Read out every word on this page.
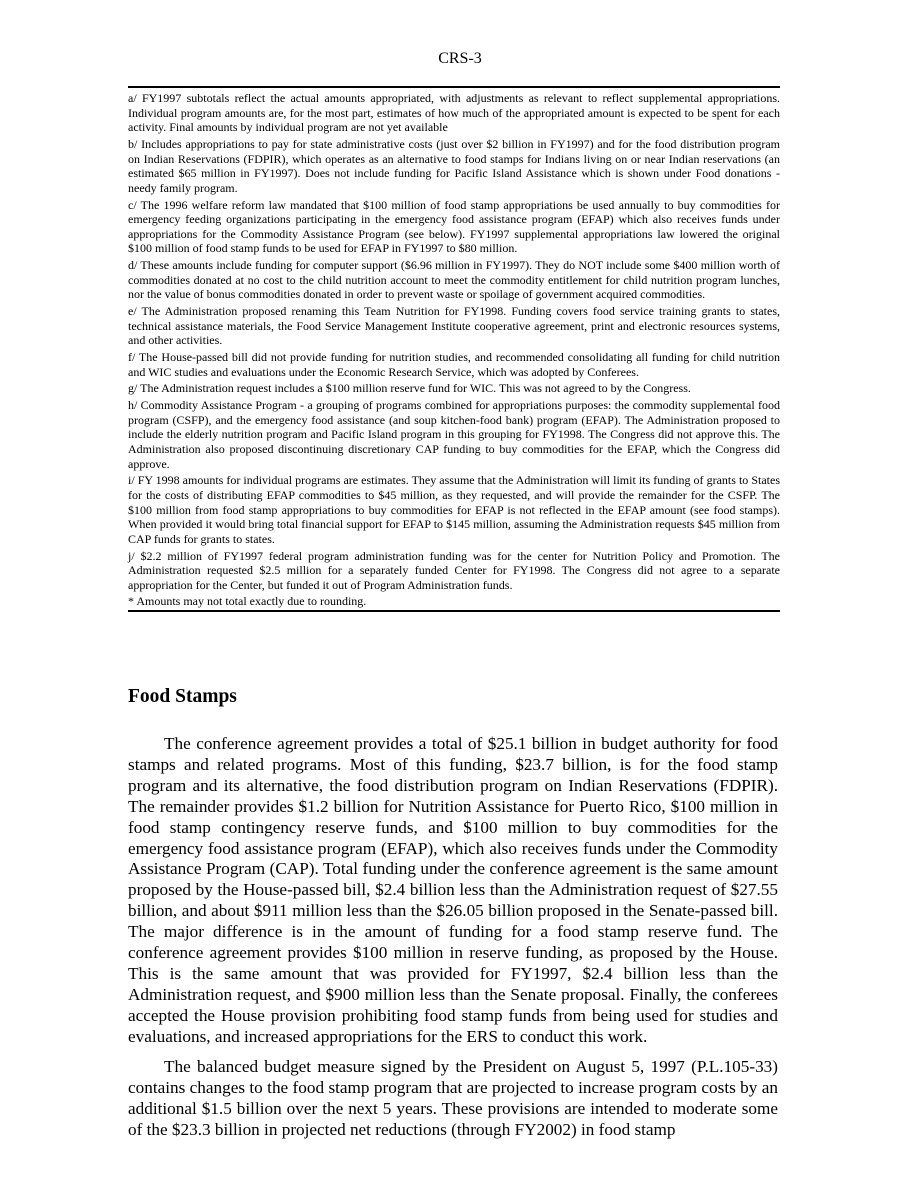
CRS-3

a/ FY1997 subtotals reflect the actual amounts appropriated, with adjustments as relevant to reflect supplemental appropriations. Individual program amounts are, for the most part, estimates of how much of the appropriated amount is expected to be spent for each activity. Final amounts by individual program are not yet available

b/ Includes appropriations to pay for state administrative costs (just over $2 billion in FY1997) and for the food distribution program on Indian Reservations (FDPIR), which operates as an alternative to food stamps for Indians living on or near Indian reservations (an estimated $65 million in FY1997). Does not include funding for Pacific Island Assistance which is shown under Food donations - needy family program.

c/ The 1996 welfare reform law mandated that $100 million of food stamp appropriations be used annually to buy commodities for emergency feeding organizations participating in the emergency food assistance program (EFAP) which also receives funds under appropriations for the Commodity Assistance Program (see below). FY1997 supplemental appropriations law lowered the original $100 million of food stamp funds to be used for EFAP in FY1997 to $80 million.

d/ These amounts include funding for computer support ($6.96 million in FY1997). They do NOT include some $400 million worth of commodities donated at no cost to the child nutrition account to meet the commodity entitlement for child nutrition program lunches, nor the value of bonus commodities donated in order to prevent waste or spoilage of government acquired commodities.

e/ The Administration proposed renaming this Team Nutrition for FY1998. Funding covers food service training grants to states, technical assistance materials, the Food Service Management Institute cooperative agreement, print and electronic resources systems, and other activities.

f/ The House-passed bill did not provide funding for nutrition studies, and recommended consolidating all funding for child nutrition and WIC studies and evaluations under the Economic Research Service, which was adopted by Conferees.

g/ The Administration request includes a $100 million reserve fund for WIC. This was not agreed to by the Congress.

h/ Commodity Assistance Program - a grouping of programs combined for appropriations purposes: the commodity supplemental food program (CSFP), and the emergency food assistance (and soup kitchen-food bank) program (EFAP). The Administration proposed to include the elderly nutrition program and Pacific Island program in this grouping for FY1998. The Congress did not approve this. The Administration also proposed discontinuing discretionary CAP funding to buy commodities for the EFAP, which the Congress did approve.

i/ FY 1998 amounts for individual programs are estimates. They assume that the Administration will limit its funding of grants to States for the costs of distributing EFAP commodities to $45 million, as they requested, and will provide the remainder for the CSFP. The $100 million from food stamp appropriations to buy commodities for EFAP is not reflected in the EFAP amount (see food stamps). When provided it would bring total financial support for EFAP to $145 million, assuming the Administration requests $45 million from CAP funds for grants to states.

j/ $2.2 million of FY1997 federal program administration funding was for the center for Nutrition Policy and Promotion. The Administration requested $2.5 million for a separately funded Center for FY1998. The Congress did not agree to a separate appropriation for the Center, but funded it out of Program Administration funds.

* Amounts may not total exactly due to rounding.

Food Stamps

The conference agreement provides a total of $25.1 billion in budget authority for food stamps and related programs. Most of this funding, $23.7 billion, is for the food stamp program and its alternative, the food distribution program on Indian Reservations (FDPIR). The remainder provides $1.2 billion for Nutrition Assistance for Puerto Rico, $100 million in food stamp contingency reserve funds, and $100 million to buy commodities for the emergency food assistance program (EFAP), which also receives funds under the Commodity Assistance Program (CAP). Total funding under the conference agreement is the same amount proposed by the House-passed bill, $2.4 billion less than the Administration request of $27.55 billion, and about $911 million less than the $26.05 billion proposed in the Senate-passed bill. The major difference is in the amount of funding for a food stamp reserve fund. The conference agreement provides $100 million in reserve funding, as proposed by the House. This is the same amount that was provided for FY1997, $2.4 billion less than the Administration request, and $900 million less than the Senate proposal. Finally, the conferees accepted the House provision prohibiting food stamp funds from being used for studies and evaluations, and increased appropriations for the ERS to conduct this work.

The balanced budget measure signed by the President on August 5, 1997 (P.L.105-33) contains changes to the food stamp program that are projected to increase program costs by an additional $1.5 billion over the next 5 years. These provisions are intended to moderate some of the $23.3 billion in projected net reductions (through FY2002) in food stamp
